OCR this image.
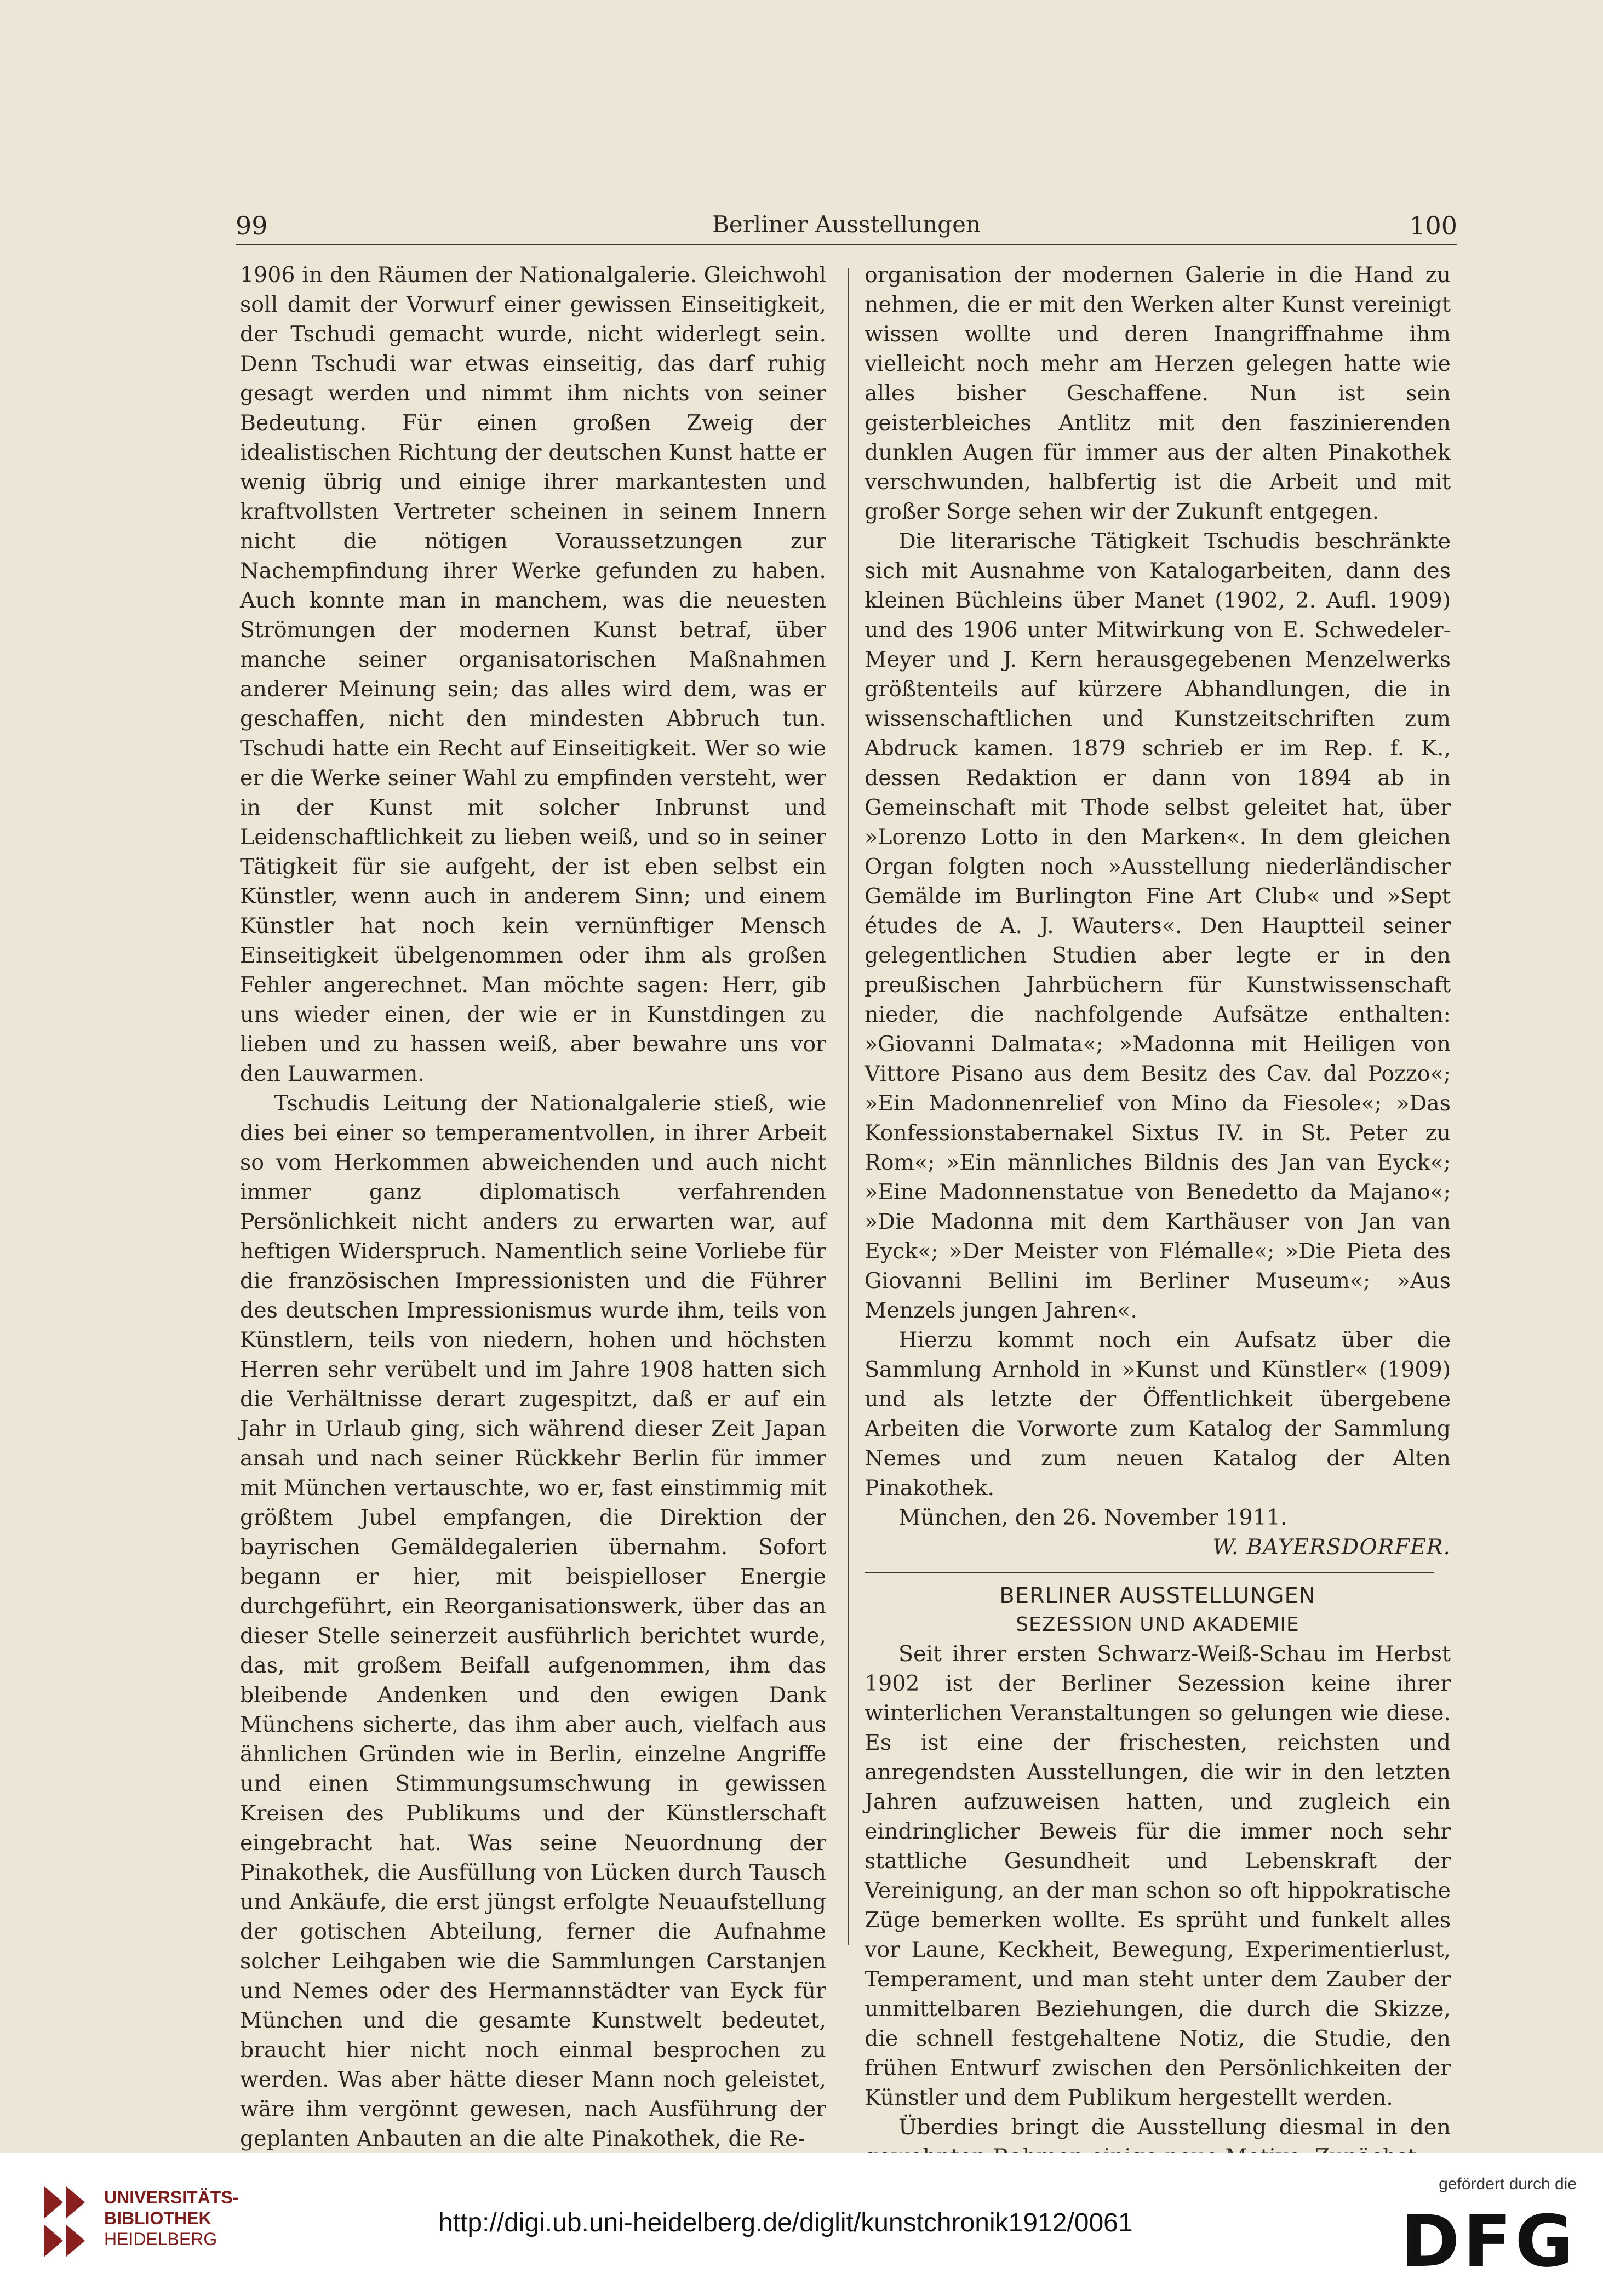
99	Berliner Ausstellungen	100

1906 in den Räumen der Nationalgalerie. Gleichwohl soll damit der Vorwurf einer gewissen Einseitigkeit, der Tschudi gemacht wurde, nicht widerlegt sein. Denn Tschudi war etwas einseitig, das darf ruhig gesagt werden und nimmt ihm nichts von seiner Bedeutung. Für einen großen Zweig der idealistischen Richtung der deutschen Kunst hatte er wenig übrig und einige ihrer markantesten und kraftvollsten Vertreter scheinen in seinem Innern nicht die nötigen Voraussetzungen zur Nachempfindung ihrer Werke gefunden zu haben. Auch konnte man in manchem, was die neuesten Strömungen der modernen Kunst betraf, über manche seiner organisatorischen Maßnahmen anderer Meinung sein; das alles wird dem, was er geschaffen, nicht den mindesten Abbruch tun. Tschudi hatte ein Recht auf Einseitigkeit. Wer so wie er die Werke seiner Wahl zu empfinden versteht, wer in der Kunst mit solcher Inbrunst und Leidenschaftlichkeit zu lieben weiß, und so in seiner Tätigkeit für sie aufgeht, der ist eben selbst ein Künstler, wenn auch in anderem Sinn; und einem Künstler hat noch kein vernünftiger Mensch Einseitigkeit übelgenommen oder ihm als großen Fehler angerechnet. Man möchte sagen: Herr, gib uns wieder einen, der wie er in Kunstdingen zu lieben und zu hassen weiß, aber bewahre uns vor den Lauwarmen.

Tschudis Leitung der Nationalgalerie stieß, wie dies bei einer so temperamentvollen, in ihrer Arbeit so vom Herkommen abweichenden und auch nicht immer ganz diplomatisch verfahrenden Persönlichkeit nicht anders zu erwarten war, auf heftigen Widerspruch. Namentlich seine Vorliebe für die französischen Impressionisten und die Führer des deutschen Impressionismus wurde ihm, teils von Künstlern, teils von niedern, hohen und höchsten Herren sehr verübelt und im Jahre 1908 hatten sich die Verhältnisse derart zugespitzt, daß er auf ein Jahr in Urlaub ging, sich während dieser Zeit Japan ansah und nach seiner Rückkehr Berlin für immer mit München vertauschte, wo er, fast einstimmig mit größtem Jubel empfangen, die Direktion der bayrischen Gemäldegalerien übernahm. Sofort begann er hier, mit beispielloser Energie durchgeführt, ein Reorganisationswerk, über das an dieser Stelle seinerzeit ausführlich berichtet wurde, das, mit großem Beifall aufgenommen, ihm das bleibende Andenken und den ewigen Dank Münchens sicherte, das ihm aber auch, vielfach aus ähnlichen Gründen wie in Berlin, einzelne Angriffe und einen Stimmungsumschwung in gewissen Kreisen des Publikums und der Künstlerschaft eingebracht hat. Was seine Neuordnung der Pinakothek, die Ausfüllung von Lücken durch Tausch und Ankäufe, die erst jüngst erfolgte Neuaufstellung der gotischen Abteilung, ferner die Aufnahme solcher Leihgaben wie die Sammlungen Carstanjen und Nemes oder des Hermannstädter van Eyck für München und die gesamte Kunstwelt bedeutet, braucht hier nicht noch einmal besprochen zu werden. Was aber hätte dieser Mann noch geleistet, wäre ihm vergönnt gewesen, nach Ausführung der geplanten Anbauten an die alte Pinakothek, die Re-

organisation der modernen Galerie in die Hand zu nehmen, die er mit den Werken alter Kunst vereinigt wissen wollte und deren Inangriffnahme ihm vielleicht noch mehr am Herzen gelegen hatte wie alles bisher Geschaffene. Nun ist sein geisterbleiches Antlitz mit den faszinierenden dunklen Augen für immer aus der alten Pinakothek verschwunden, halbfertig ist die Arbeit und mit großer Sorge sehen wir der Zukunft entgegen.

Die literarische Tätigkeit Tschudis beschränkte sich mit Ausnahme von Katalogarbeiten, dann des kleinen Büchleins über Manet (1902, 2. Aufl. 1909) und des 1906 unter Mitwirkung von E. Schwedeler-Meyer und J. Kern herausgegebenen Menzelwerks größtenteils auf kürzere Abhandlungen, die in wissenschaftlichen und Kunstzeitschriften zum Abdruck kamen. 1879 schrieb er im Rep. f. K., dessen Redaktion er dann von 1894 ab in Gemeinschaft mit Thode selbst geleitet hat, über »Lorenzo Lotto in den Marken«. In dem gleichen Organ folgten noch »Ausstellung niederländischer Gemälde im Burlington Fine Art Club« und »Sept études de A. J. Wauters«. Den Hauptteil seiner gelegentlichen Studien aber legte er in den preußischen Jahrbüchern für Kunstwissenschaft nieder, die nachfolgende Aufsätze enthalten: »Giovanni Dalmata«; »Madonna mit Heiligen von Vittore Pisano aus dem Besitz des Cav. dal Pozzo«; »Ein Madonnenrelief von Mino da Fiesole«; »Das Konfessionstabernakel Sixtus IV. in St. Peter zu Rom«; »Ein männliches Bildnis des Jan van Eyck«; »Eine Madonnenstatue von Benedetto da Majano«; »Die Madonna mit dem Karthäuser von Jan van Eyck«; »Der Meister von Flémalle«; »Die Pieta des Giovanni Bellini im Berliner Museum«; »Aus Menzels jungen Jahren«.

Hierzu kommt noch ein Aufsatz über die Sammlung Arnhold in »Kunst und Künstler« (1909) und als letzte der Öffentlichkeit übergebene Arbeiten die Vorworte zum Katalog der Sammlung Nemes und zum neuen Katalog der Alten Pinakothek.

München, den 26. November 1911.

W. BAYERSDORFER.

BERLINER AUSSTELLUNGEN
SEZESSION UND AKADEMIE

Seit ihrer ersten Schwarz-Weiß-Schau im Herbst 1902 ist der Berliner Sezession keine ihrer winterlichen Veranstaltungen so gelungen wie diese. Es ist eine der frischesten, reichsten und anregendsten Ausstellungen, die wir in den letzten Jahren aufzuweisen hatten, und zugleich ein eindringlicher Beweis für die immer noch sehr stattliche Gesundheit und Lebenskraft der Vereinigung, an der man schon so oft hippokratische Züge bemerken wollte. Es sprüht und funkelt alles vor Laune, Keckheit, Bewegung, Experimentierlust, Temperament, und man steht unter dem Zauber der unmittelbaren Beziehungen, die durch die Skizze, die schnell festgehaltene Notiz, die Studie, den frühen Entwurf zwischen den Persönlichkeiten der Künstler und dem Publikum hergestellt werden.

Überdies bringt die Ausstellung diesmal in den

UNIVERSITÄTS-
BIBLIOTHEK
HEIDELBERG
http://digi.ub.uni-heidelberg.de/diglit/kunstchronik1912/0061
gefördert durch die
DFG
